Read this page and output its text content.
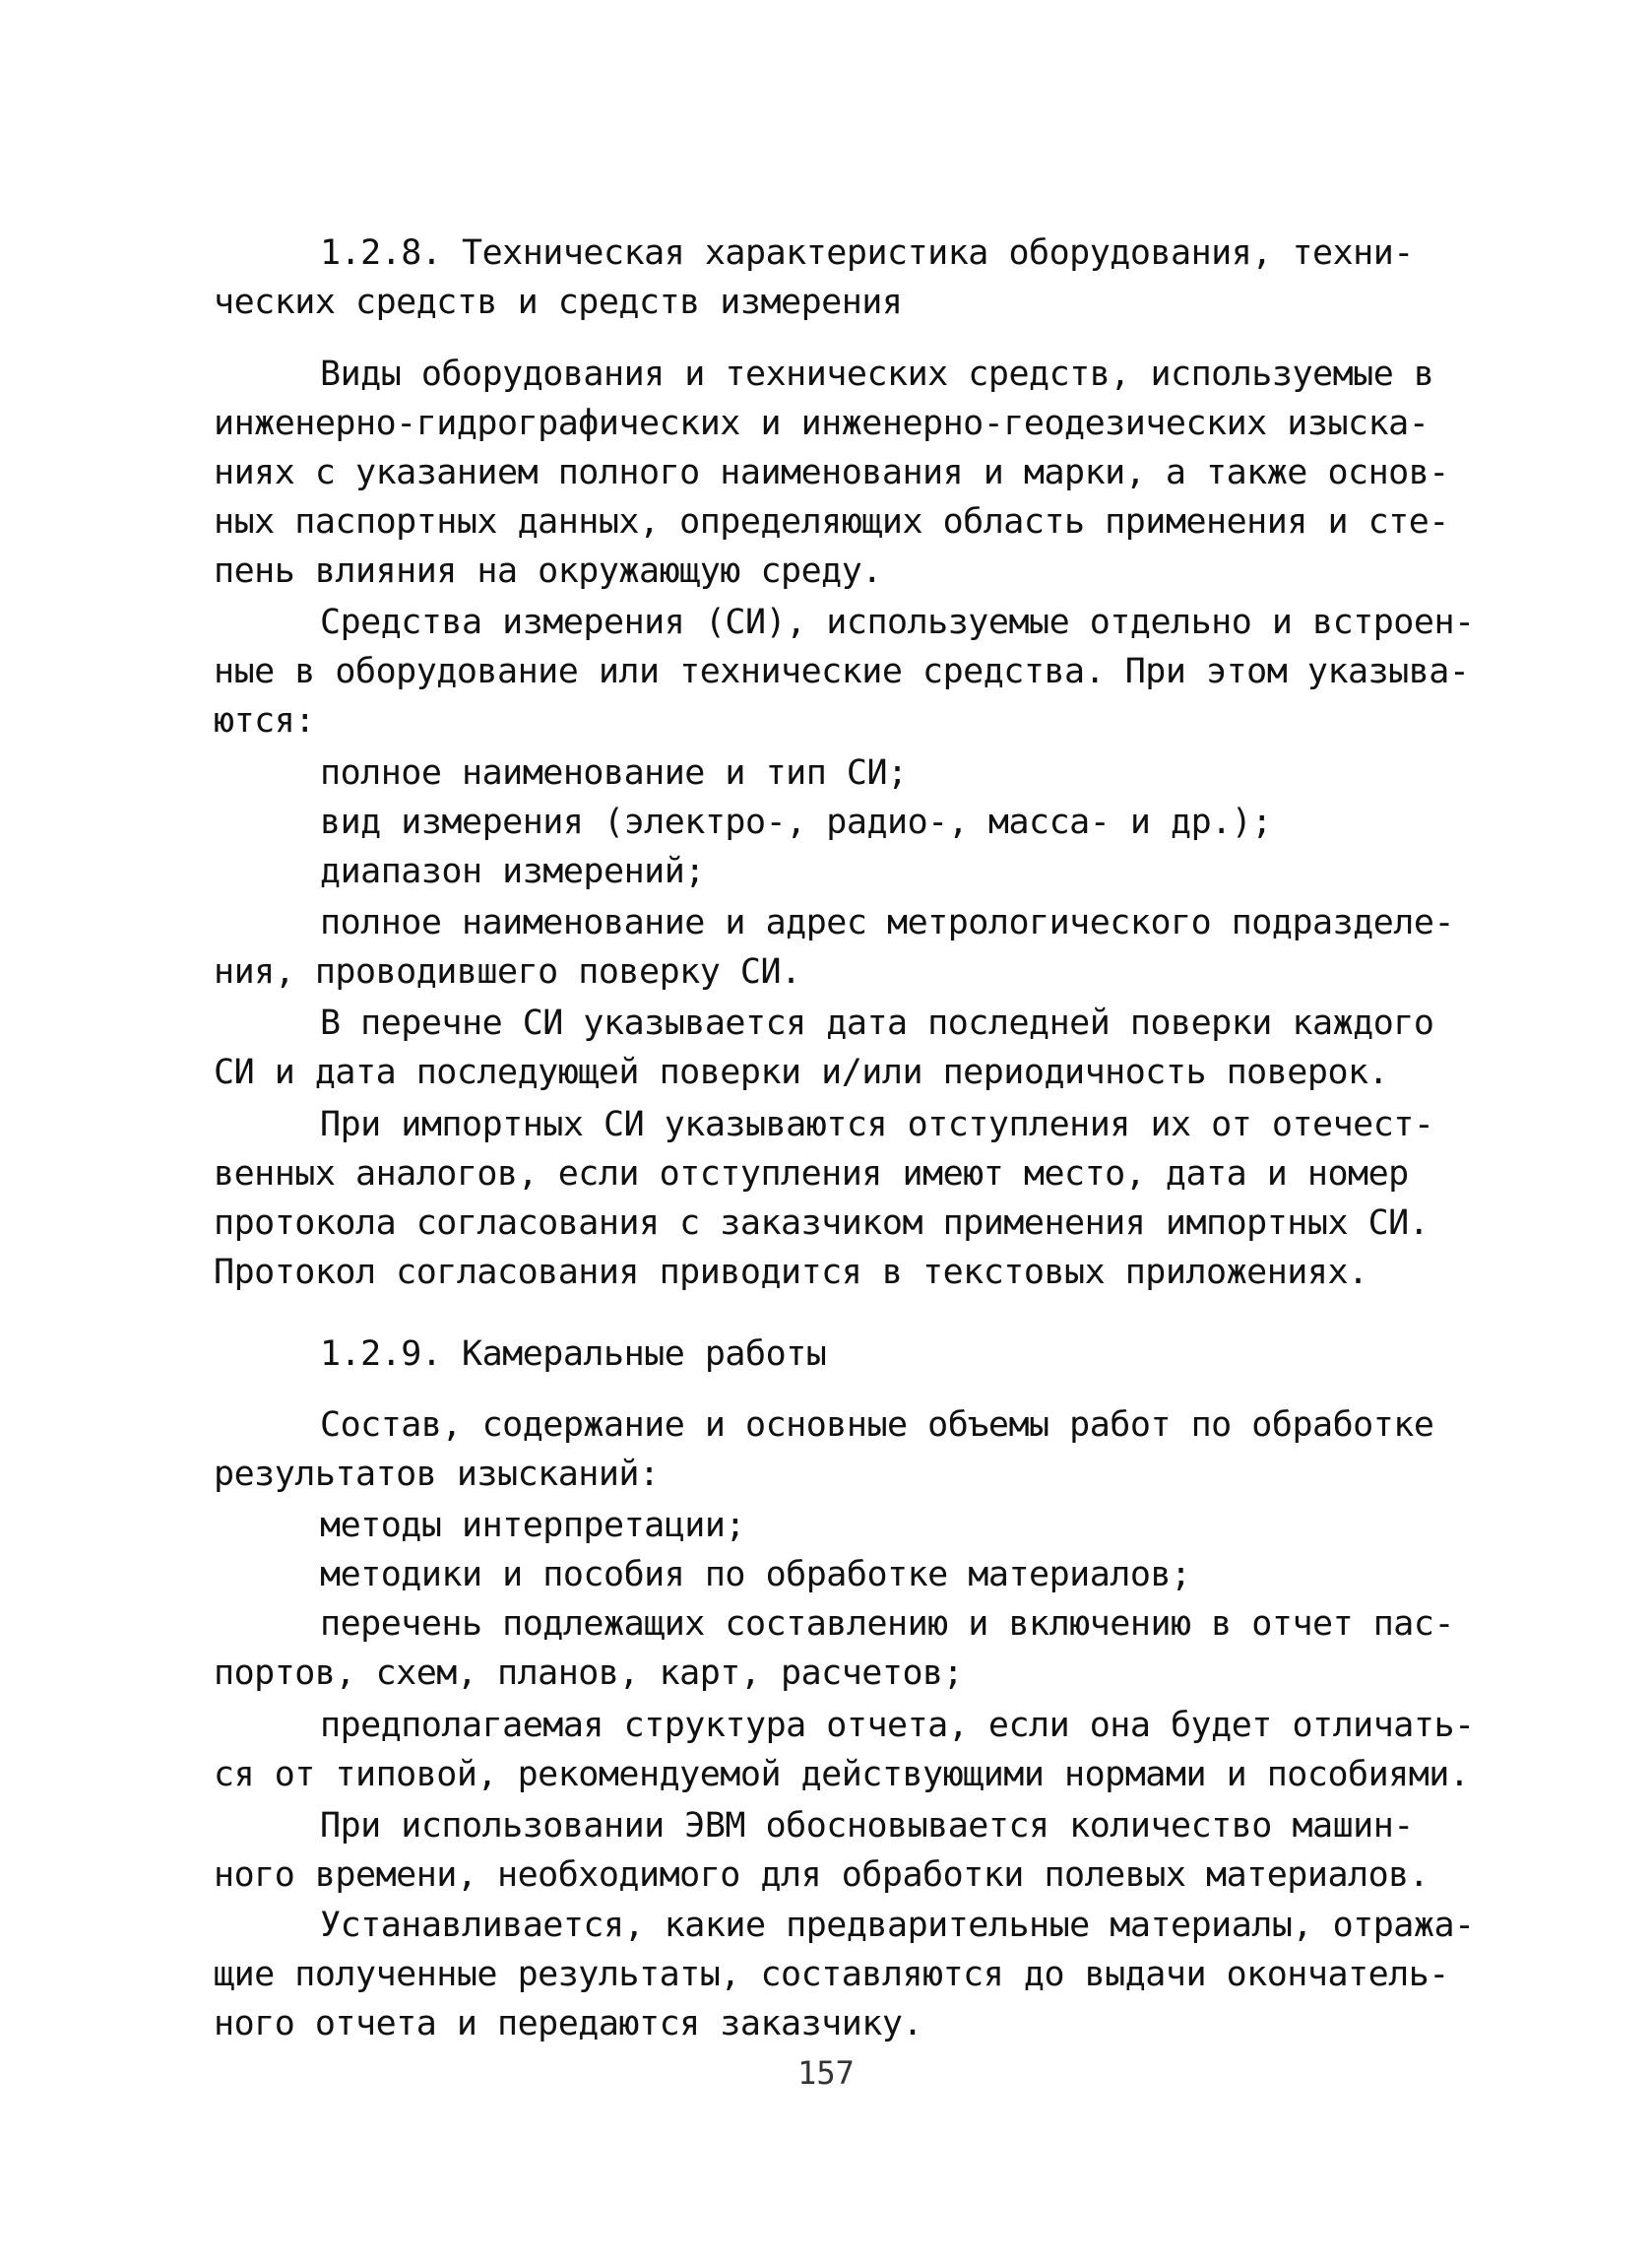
1.2.8. Техническая характеристика оборудования, техни-
ческих средств и средств измерения
Виды оборудования и технических средств, используемые в
инженерно-гидрографических и инженерно-геодезических изыска-
ниях с указанием полного наименования и марки, а также основ-
ных паспортных данных, определяющих область применения и сте-
пень влияния на окружающую среду.
Средства измерения (СИ), используемые отдельно и встроен-
ные в оборудование или технические средства. При этом указыва-
ются:
полное наименование и тип СИ;
вид измерения (электро-, радио-, масса- и др.);
диапазон измерений;
полное наименование и адрес метрологического подразделе-
ния, проводившего поверку СИ.
В перечне СИ указывается дата последней поверки каждого
СИ и дата последующей поверки и/или периодичность поверок.
При импортных СИ указываются отступления их от отечест-
венных аналогов, если отступления имеют место, дата и номер
протокола согласования с заказчиком применения импортных СИ.
Протокол согласования приводится в текстовых приложениях.
1.2.9. Камеральные работы
Состав, содержание и основные объемы работ по обработке
результатов изысканий:
методы интерпретации;
методики и пособия по обработке материалов;
перечень подлежащих составлению и включению в отчет пас-
портов, схем, планов, карт, расчетов;
предполагаемая структура отчета, если она будет отличать-
ся от типовой, рекомендуемой действующими нормами и пособиями.
При использовании ЭВМ обосновывается количество машин-
ного времени, необходимого для обработки полевых материалов.
Устанавливается, какие предварительные материалы, отража-
щие полученные результаты, составляются до выдачи окончатель-
ного отчета и передаются заказчику.
157
